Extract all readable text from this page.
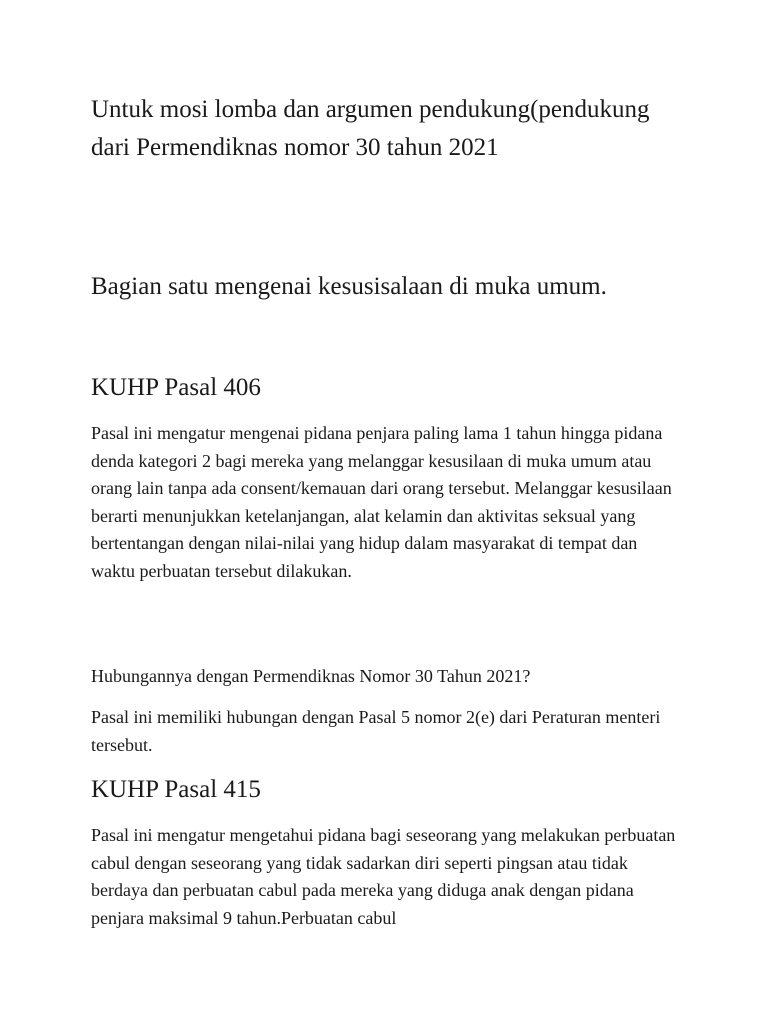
Untuk mosi lomba dan argumen pendukung(pendukung dari Permendiknas nomor 30 tahun 2021
Bagian satu mengenai kesusisalaan di muka umum.
KUHP Pasal 406

Pasal ini mengatur mengenai pidana penjara paling lama 1 tahun hingga pidana denda kategori 2 bagi mereka yang melanggar kesusilaan di muka umum atau orang lain tanpa ada consent/kemauan dari orang tersebut. Melanggar kesusilaan berarti menunjukkan ketelanjangan, alat kelamin dan aktivitas seksual yang bertentangan dengan nilai-nilai yang hidup dalam masyarakat di tempat dan waktu perbuatan tersebut dilakukan.

Hubungannya dengan Permendiknas Nomor 30 Tahun 2021?

Pasal ini memiliki hubungan dengan Pasal 5 nomor 2(e) dari Peraturan menteri tersebut.

KUHP Pasal 415

Pasal ini mengatur mengetahui pidana bagi seseorang yang melakukan perbuatan cabul dengan seseorang yang tidak sadarkan diri seperti pingsan atau tidak berdaya dan perbuatan cabul pada mereka yang diduga anak dengan pidana penjara maksimal 9 tahun.Perbuatan cabul
